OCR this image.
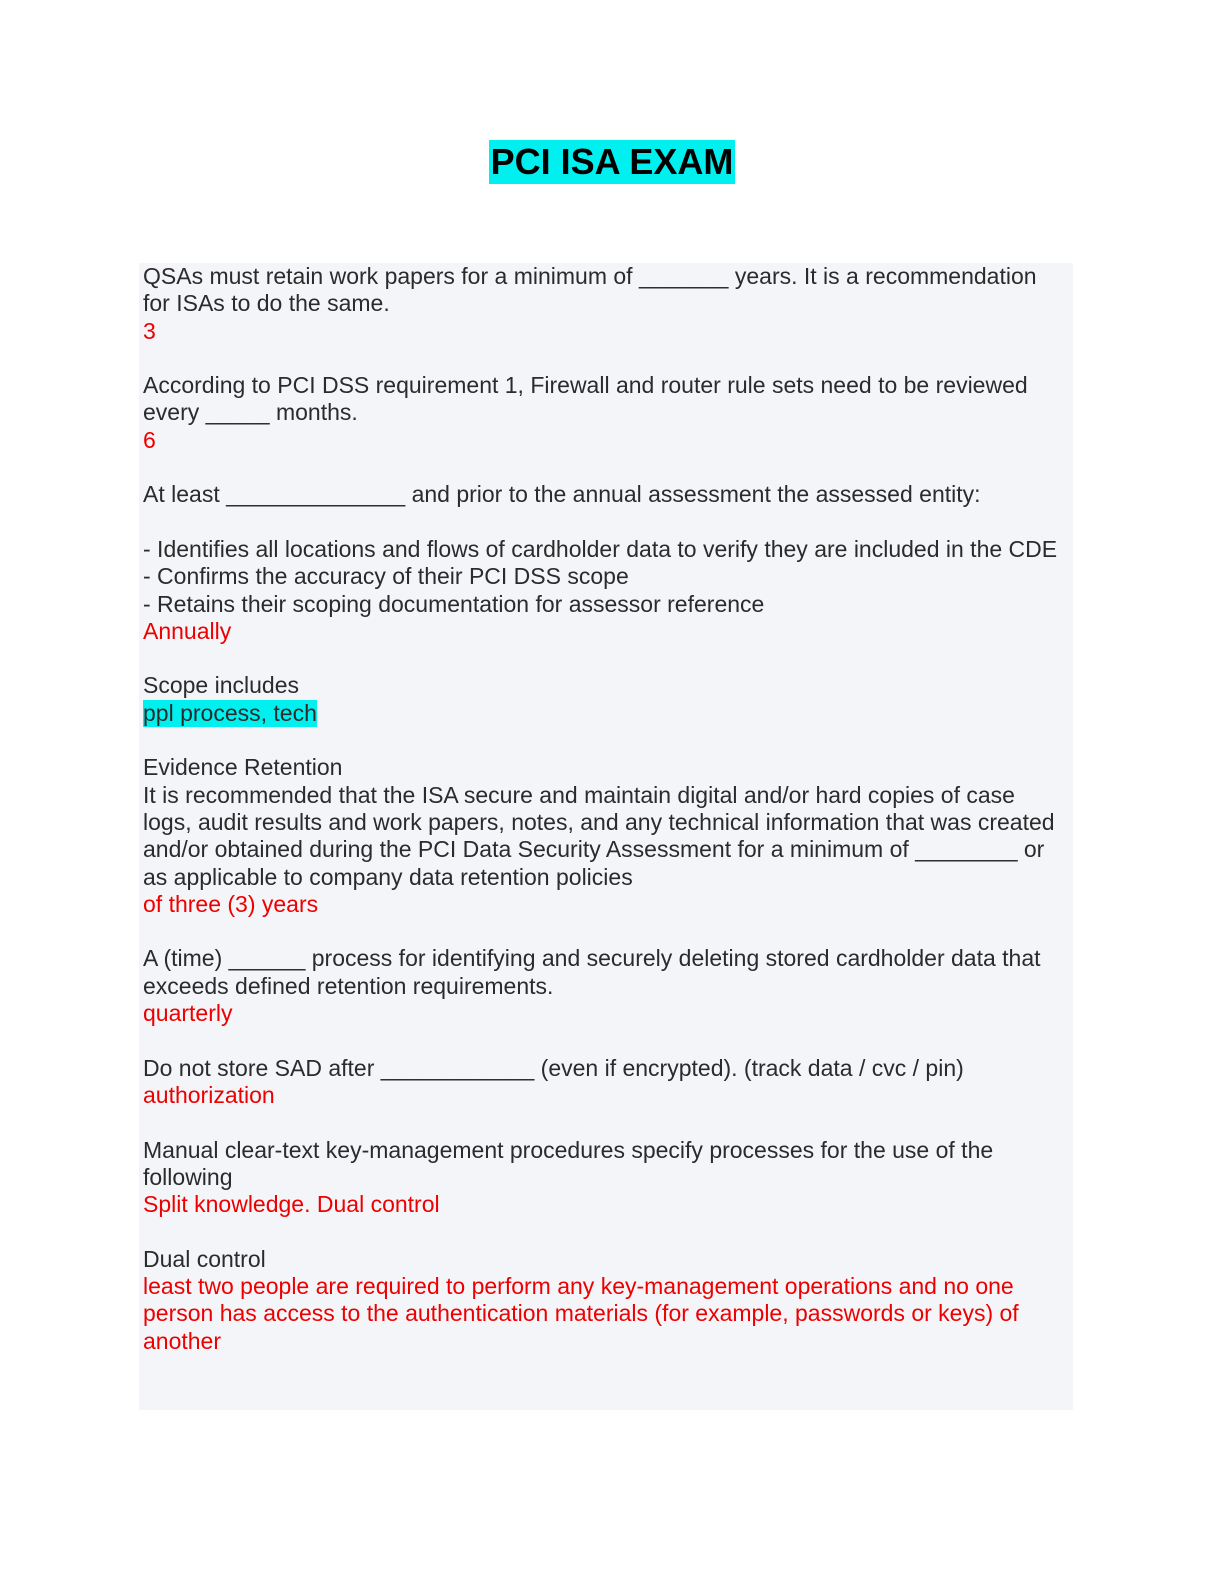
PCI ISA EXAM
QSAs must retain work papers for a minimum of _______ years. It is a recommendation for ISAs to do the same.
3
According to PCI DSS requirement 1, Firewall and router rule sets need to be reviewed every _____ months.
6
At least ______________ and prior to the annual assessment the assessed entity:
- Identifies all locations and flows of cardholder data to verify they are included in the CDE
- Confirms the accuracy of their PCI DSS scope
- Retains their scoping documentation for assessor reference
Annually
Scope includes
ppl process, tech
Evidence Retention
It is recommended that the ISA secure and maintain digital and/or hard copies of case logs, audit results and work papers, notes, and any technical information that was created and/or obtained during the PCI Data Security Assessment for a minimum of ________ or as applicable to company data retention policies
of three (3) years
A (time) ______ process for identifying and securely deleting stored cardholder data that exceeds defined retention requirements.
quarterly
Do not store SAD after ____________ (even if encrypted). (track data / cvc / pin)
authorization
Manual clear-text key-management procedures specify processes for the use of the following
Split knowledge. Dual control
Dual control
least two people are required to perform any key-management operations and no one person has access to the authentication materials (for example, passwords or keys) of another
